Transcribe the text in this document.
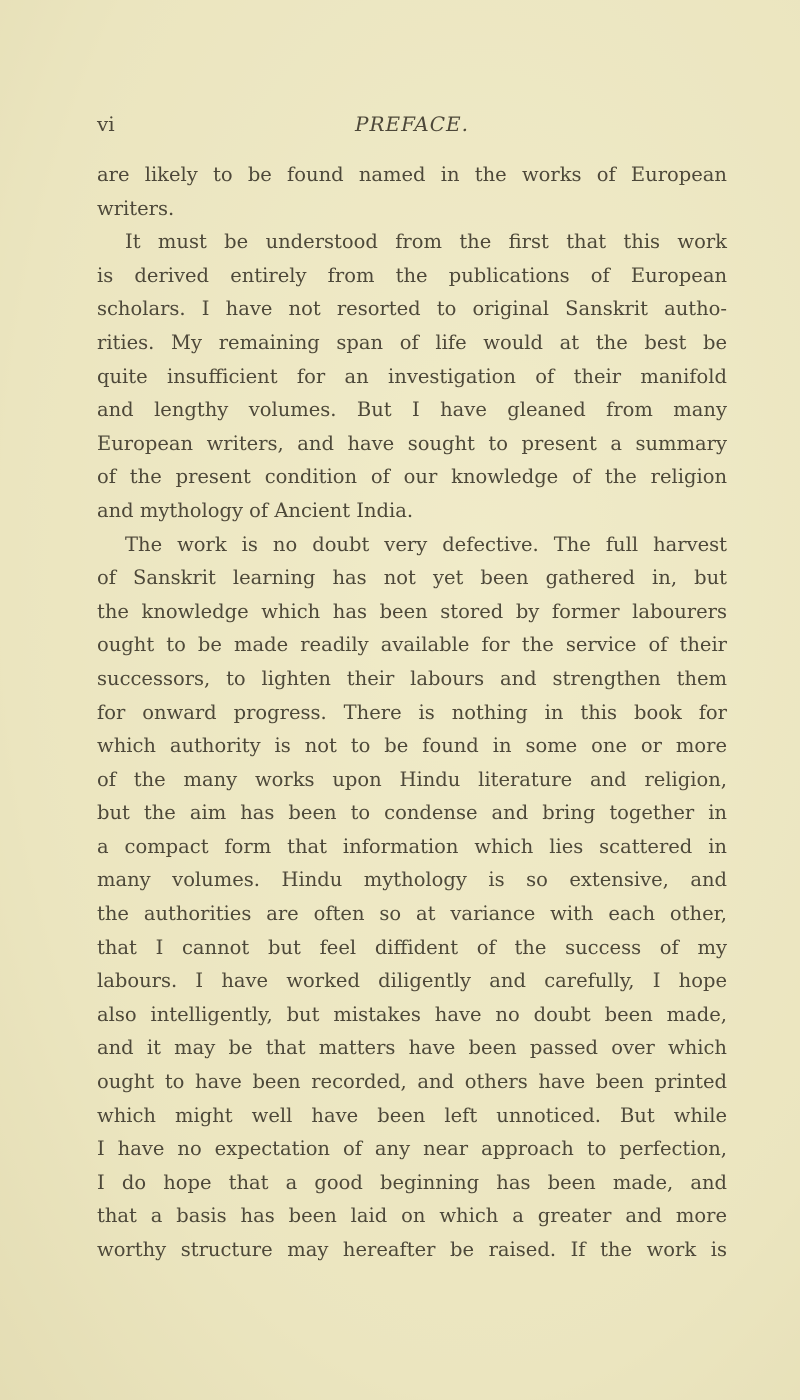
vi	PREFACE.
are likely to be found named in the works of European
writers.
It must be understood from the first that this work
is derived entirely from the publications of European
scholars. I have not resorted to original Sanskrit autho-
rities. My remaining span of life would at the best be
quite insufficient for an investigation of their manifold
and lengthy volumes. But I have gleaned from many
European writers, and have sought to present a summary
of the present condition of our knowledge of the religion
and mythology of Ancient India.
The work is no doubt very defective. The full harvest
of Sanskrit learning has not yet been gathered in, but
the knowledge which has been stored by former labourers
ought to be made readily available for the service of their
successors, to lighten their labours and strengthen them
for onward progress. There is nothing in this book for
which authority is not to be found in some one or more
of the many works upon Hindu literature and religion,
but the aim has been to condense and bring together in
a compact form that information which lies scattered in
many volumes. Hindu mythology is so extensive, and
the authorities are often so at variance with each other,
that I cannot but feel diffident of the success of my
labours. I have worked diligently and carefully, I hope
also intelligently, but mistakes have no doubt been made,
and it may be that matters have been passed over which
ought to have been recorded, and others have been printed
which might well have been left unnoticed. But while
I have no expectation of any near approach to perfection,
I do hope that a good beginning has been made, and
that a basis has been laid on which a greater and more
worthy structure may hereafter be raised. If the work is
